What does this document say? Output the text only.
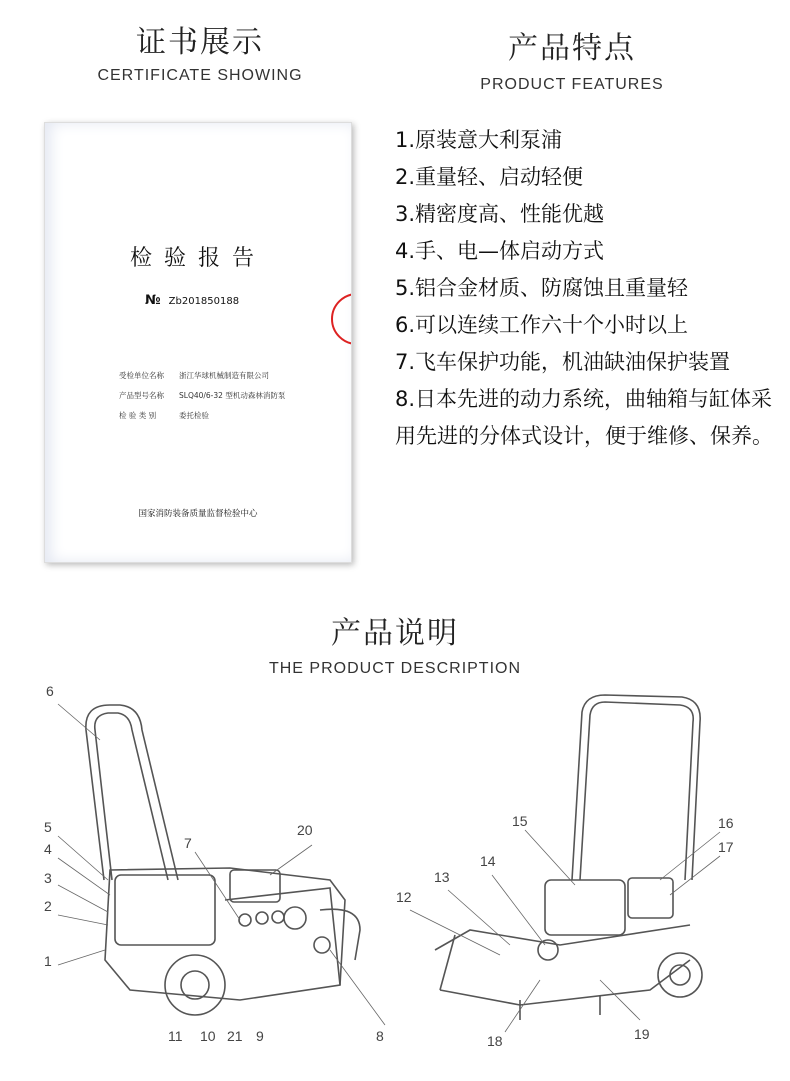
证书展示
CERTIFICATE SHOWING
产品特点
PRODUCT FEATURES
检验报告
№ Zb201850188
受检单位名称 浙江华球机械制造有限公司
产品型号名称 SLQ40/6-32 型机动森林消防泵
检 验 类 别	委托检验
国家消防装备质量监督检验中心
1.原装意大利泵浦
2.重量轻、启动轻便
3.精密度高、性能优越
4.手、电—体启动方式
5.铝合金材质、防腐蚀且重量轻
6.可以连续工作六十个小时以上
7.飞车保护功能，机油缺油保护装置
8.日本先进的动力系统，曲轴箱与缸体采用先进的分体式设计，便于维修、保养。
产品说明
THE PRODUCT DESCRIPTION
6
5
4
3
2
1
7
20
11 10 21 9	8
15	16
17
12
13
14
18	19
